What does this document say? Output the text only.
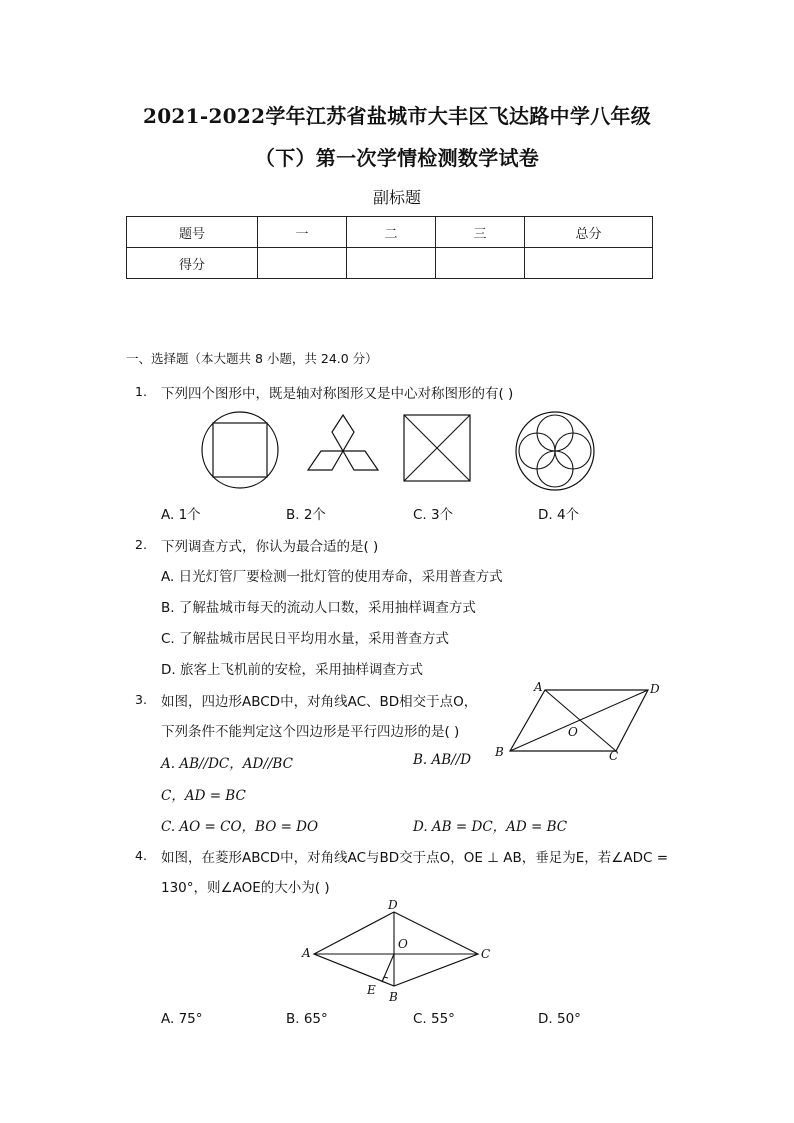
2021-2022学年江苏省盐城市大丰区飞达路中学八年级
（下）第一次学情检测数学试卷
副标题
题号	一	二	三	总分
得分				
一、选择题（本大题共 8 小题，共 24.0 分）
1. 下列四个图形中，既是轴对称图形又是中心对称图形的有( )
A. 1个	B. 2个	C. 3个	D. 4个
2. 下列调查方式，你认为最合适的是( )
A. 日光灯管厂要检测一批灯管的使用寿命，采用普查方式
B. 了解盐城市每天的流动人口数，采用抽样调查方式
C. 了解盐城市居民日平均用水量，采用普查方式
D. 旅客上飞机前的安检，采用抽样调查方式
3. 如图，四边形ABCD中，对角线AC、BD相交于点O，
下列条件不能判定这个四边形是平行四边形的是( )
A	D
O
B	C
A. AB//DC，AD//BC	B. AB//D
C，AD = BC
C. AO = CO，BO = DO	D. AB = DC，AD = BC
4. 如图，在菱形ABCD中，对角线AC与BD交于点O，OE ⊥ AB，垂足为E，若∠ADC =
130°，则∠AOE的大小为( )
D
A
O
C
E B
A. 75°	B. 65°	C. 55°	D. 50°
